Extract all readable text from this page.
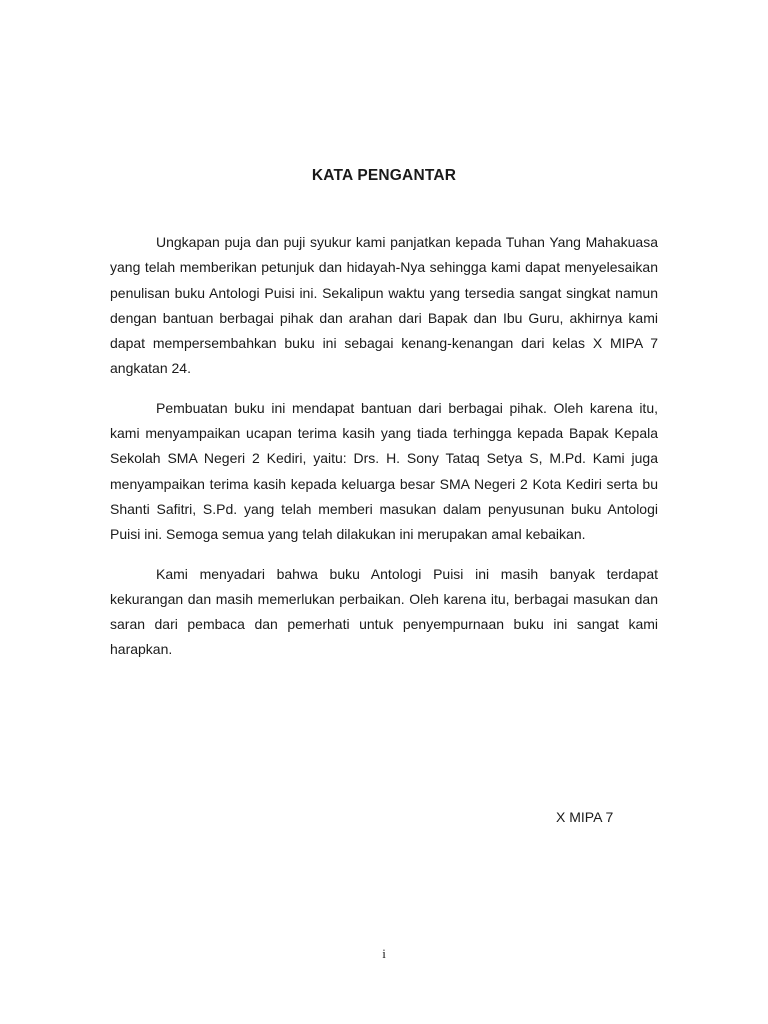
KATA PENGANTAR

Ungkapan puja dan puji syukur kami panjatkan kepada Tuhan Yang Mahakuasa yang telah memberikan petunjuk dan hidayah-Nya sehingga kami dapat menyelesaikan penulisan buku Antologi Puisi ini. Sekalipun waktu yang tersedia sangat singkat namun dengan bantuan berbagai pihak dan arahan dari Bapak dan Ibu Guru, akhirnya kami dapat mempersembahkan buku ini sebagai kenang-kenangan dari kelas X MIPA 7 angkatan 24.

Pembuatan buku ini mendapat bantuan dari berbagai pihak. Oleh karena itu, kami menyampaikan ucapan terima kasih yang tiada terhingga kepada Bapak Kepala Sekolah SMA Negeri 2 Kediri, yaitu: Drs. H. Sony Tataq Setya S, M.Pd. Kami juga menyampaikan terima kasih kepada keluarga besar SMA Negeri 2 Kota Kediri serta bu Shanti Safitri, S.Pd. yang telah memberi masukan dalam penyusunan buku Antologi Puisi ini. Semoga semua yang telah dilakukan ini merupakan amal kebaikan.

Kami menyadari bahwa buku Antologi Puisi ini masih banyak terdapat kekurangan dan masih memerlukan perbaikan. Oleh karena itu, berbagai masukan dan saran dari pembaca dan pemerhati untuk penyempurnaan buku ini sangat kami harapkan.

X MIPA 7
i
